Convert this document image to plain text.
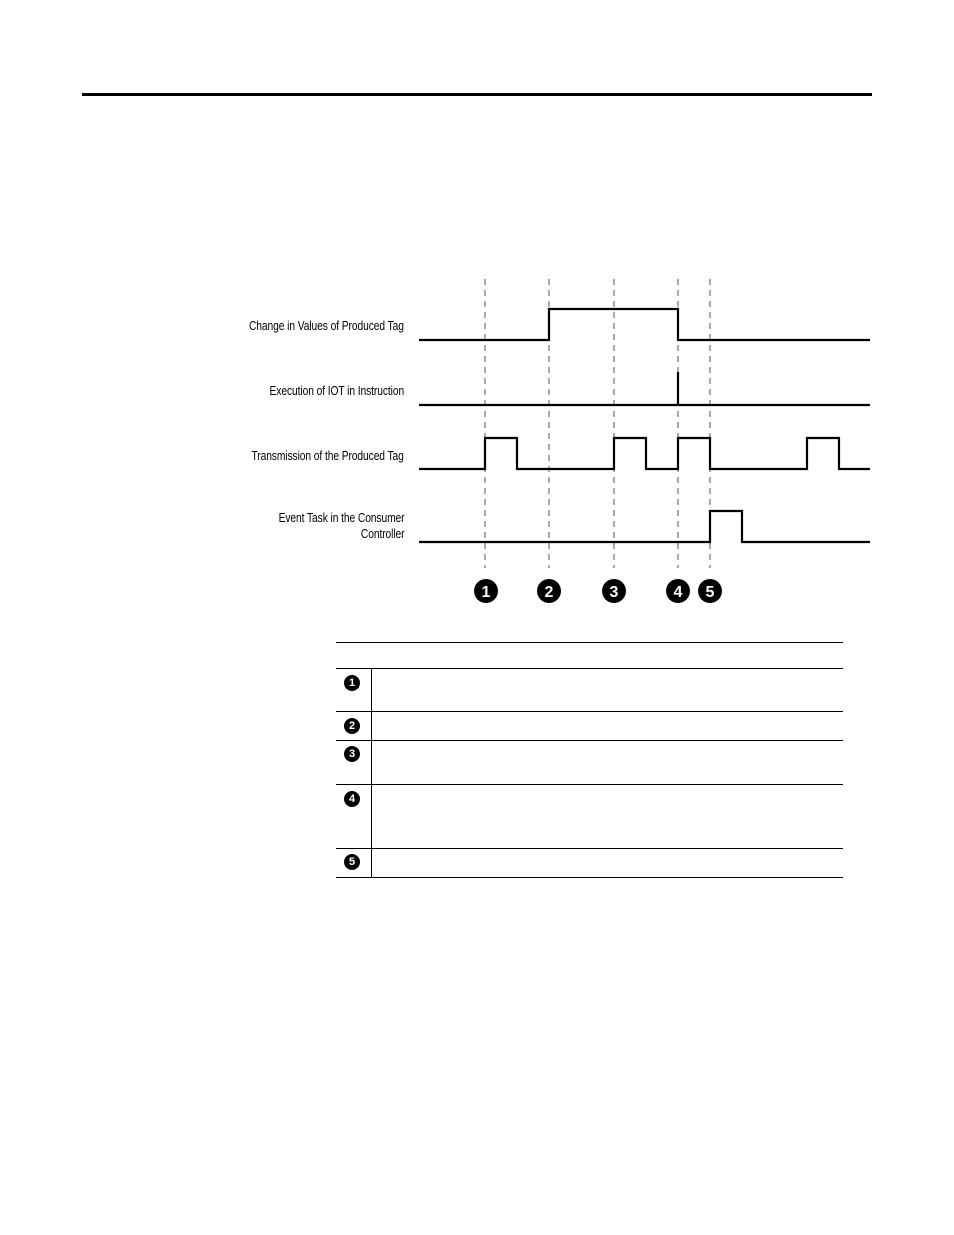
1	2	3	4 5
Change in Values of Produced Tag
Execution of IOT in Instruction
Transmission of the Produced Tag
Event Task in the Consumer
Controller
1
2
3
4
5
